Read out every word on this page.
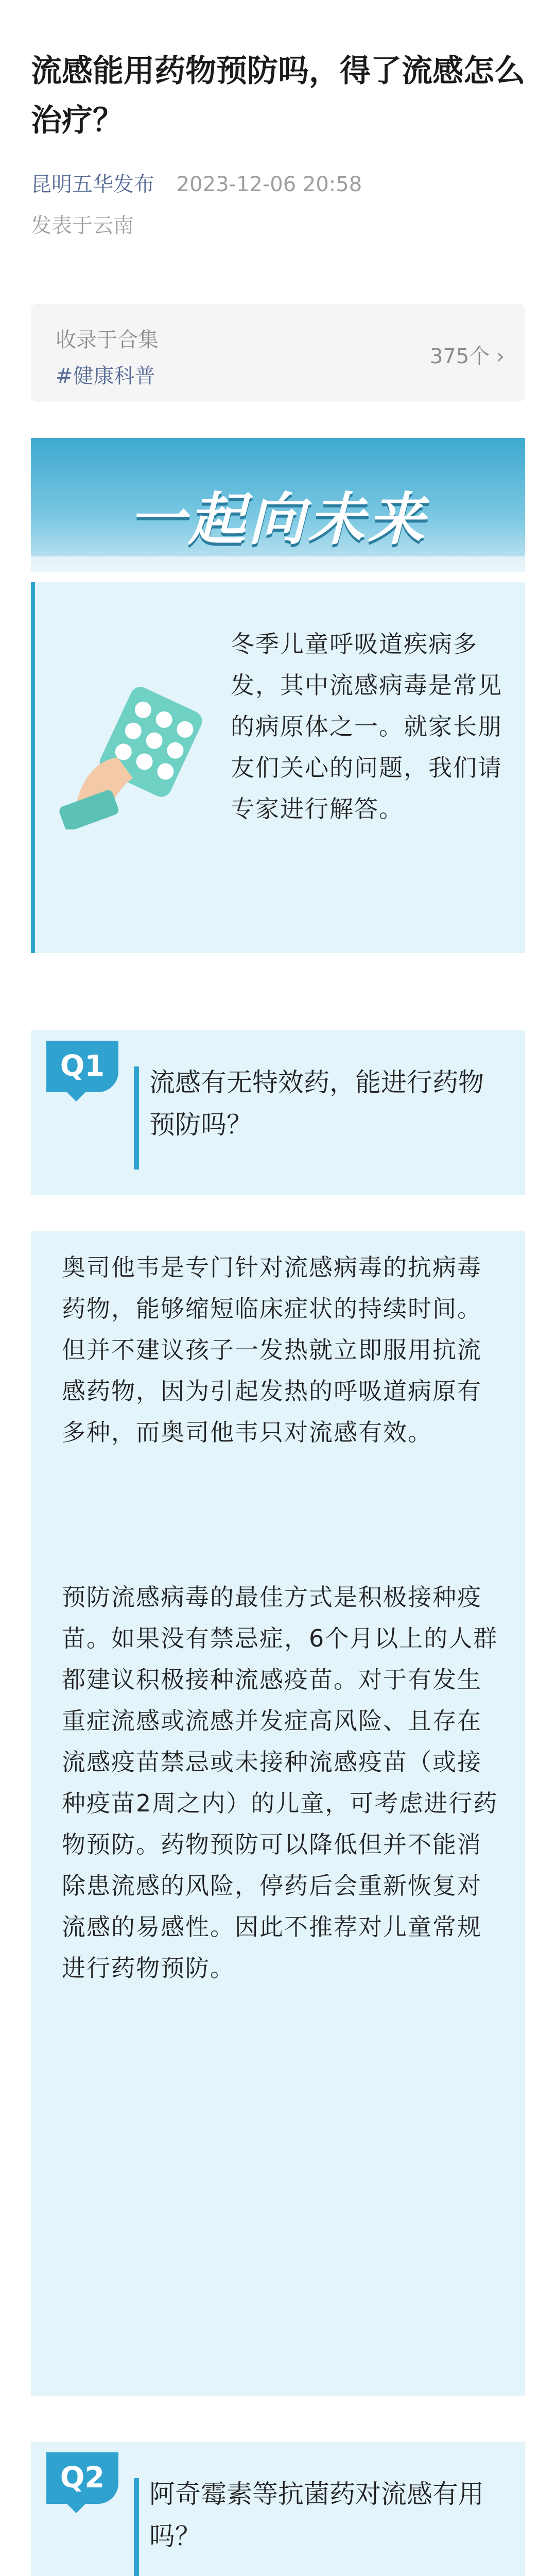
流感能用药物预防吗，得了流感怎么治疗？
昆明五华发布 2023-12-06 20:58
发表于云南
收录于合集
#健康科普
375个 ›
一起向未来
冬季儿童呼吸道疾病多发，其中流感病毒是常见的病原体之一。就家长朋友们关心的问题，我们请专家进行解答。
Q1	流感有无特效药，能进行药物预防吗？
奥司他韦是专门针对流感病毒的抗病毒药物，能够缩短临床症状的持续时间。但并不建议孩子一发热就立即服用抗流感药物，因为引起发热的呼吸道病原有多种，而奥司他韦只对流感有效。
预防流感病毒的最佳方式是积极接种疫苗。如果没有禁忌症，6个月以上的人群都建议积极接种流感疫苗。对于有发生重症流感或流感并发症高风险、且存在流感疫苗禁忌或未接种流感疫苗（或接种疫苗2周之内）的儿童，可考虑进行药物预防。药物预防可以降低但并不能消除患流感的风险，停药后会重新恢复对流感的易感性。因此不推荐对儿童常规进行药物预防。
Q2	阿奇霉素等抗菌药对流感有用吗？
